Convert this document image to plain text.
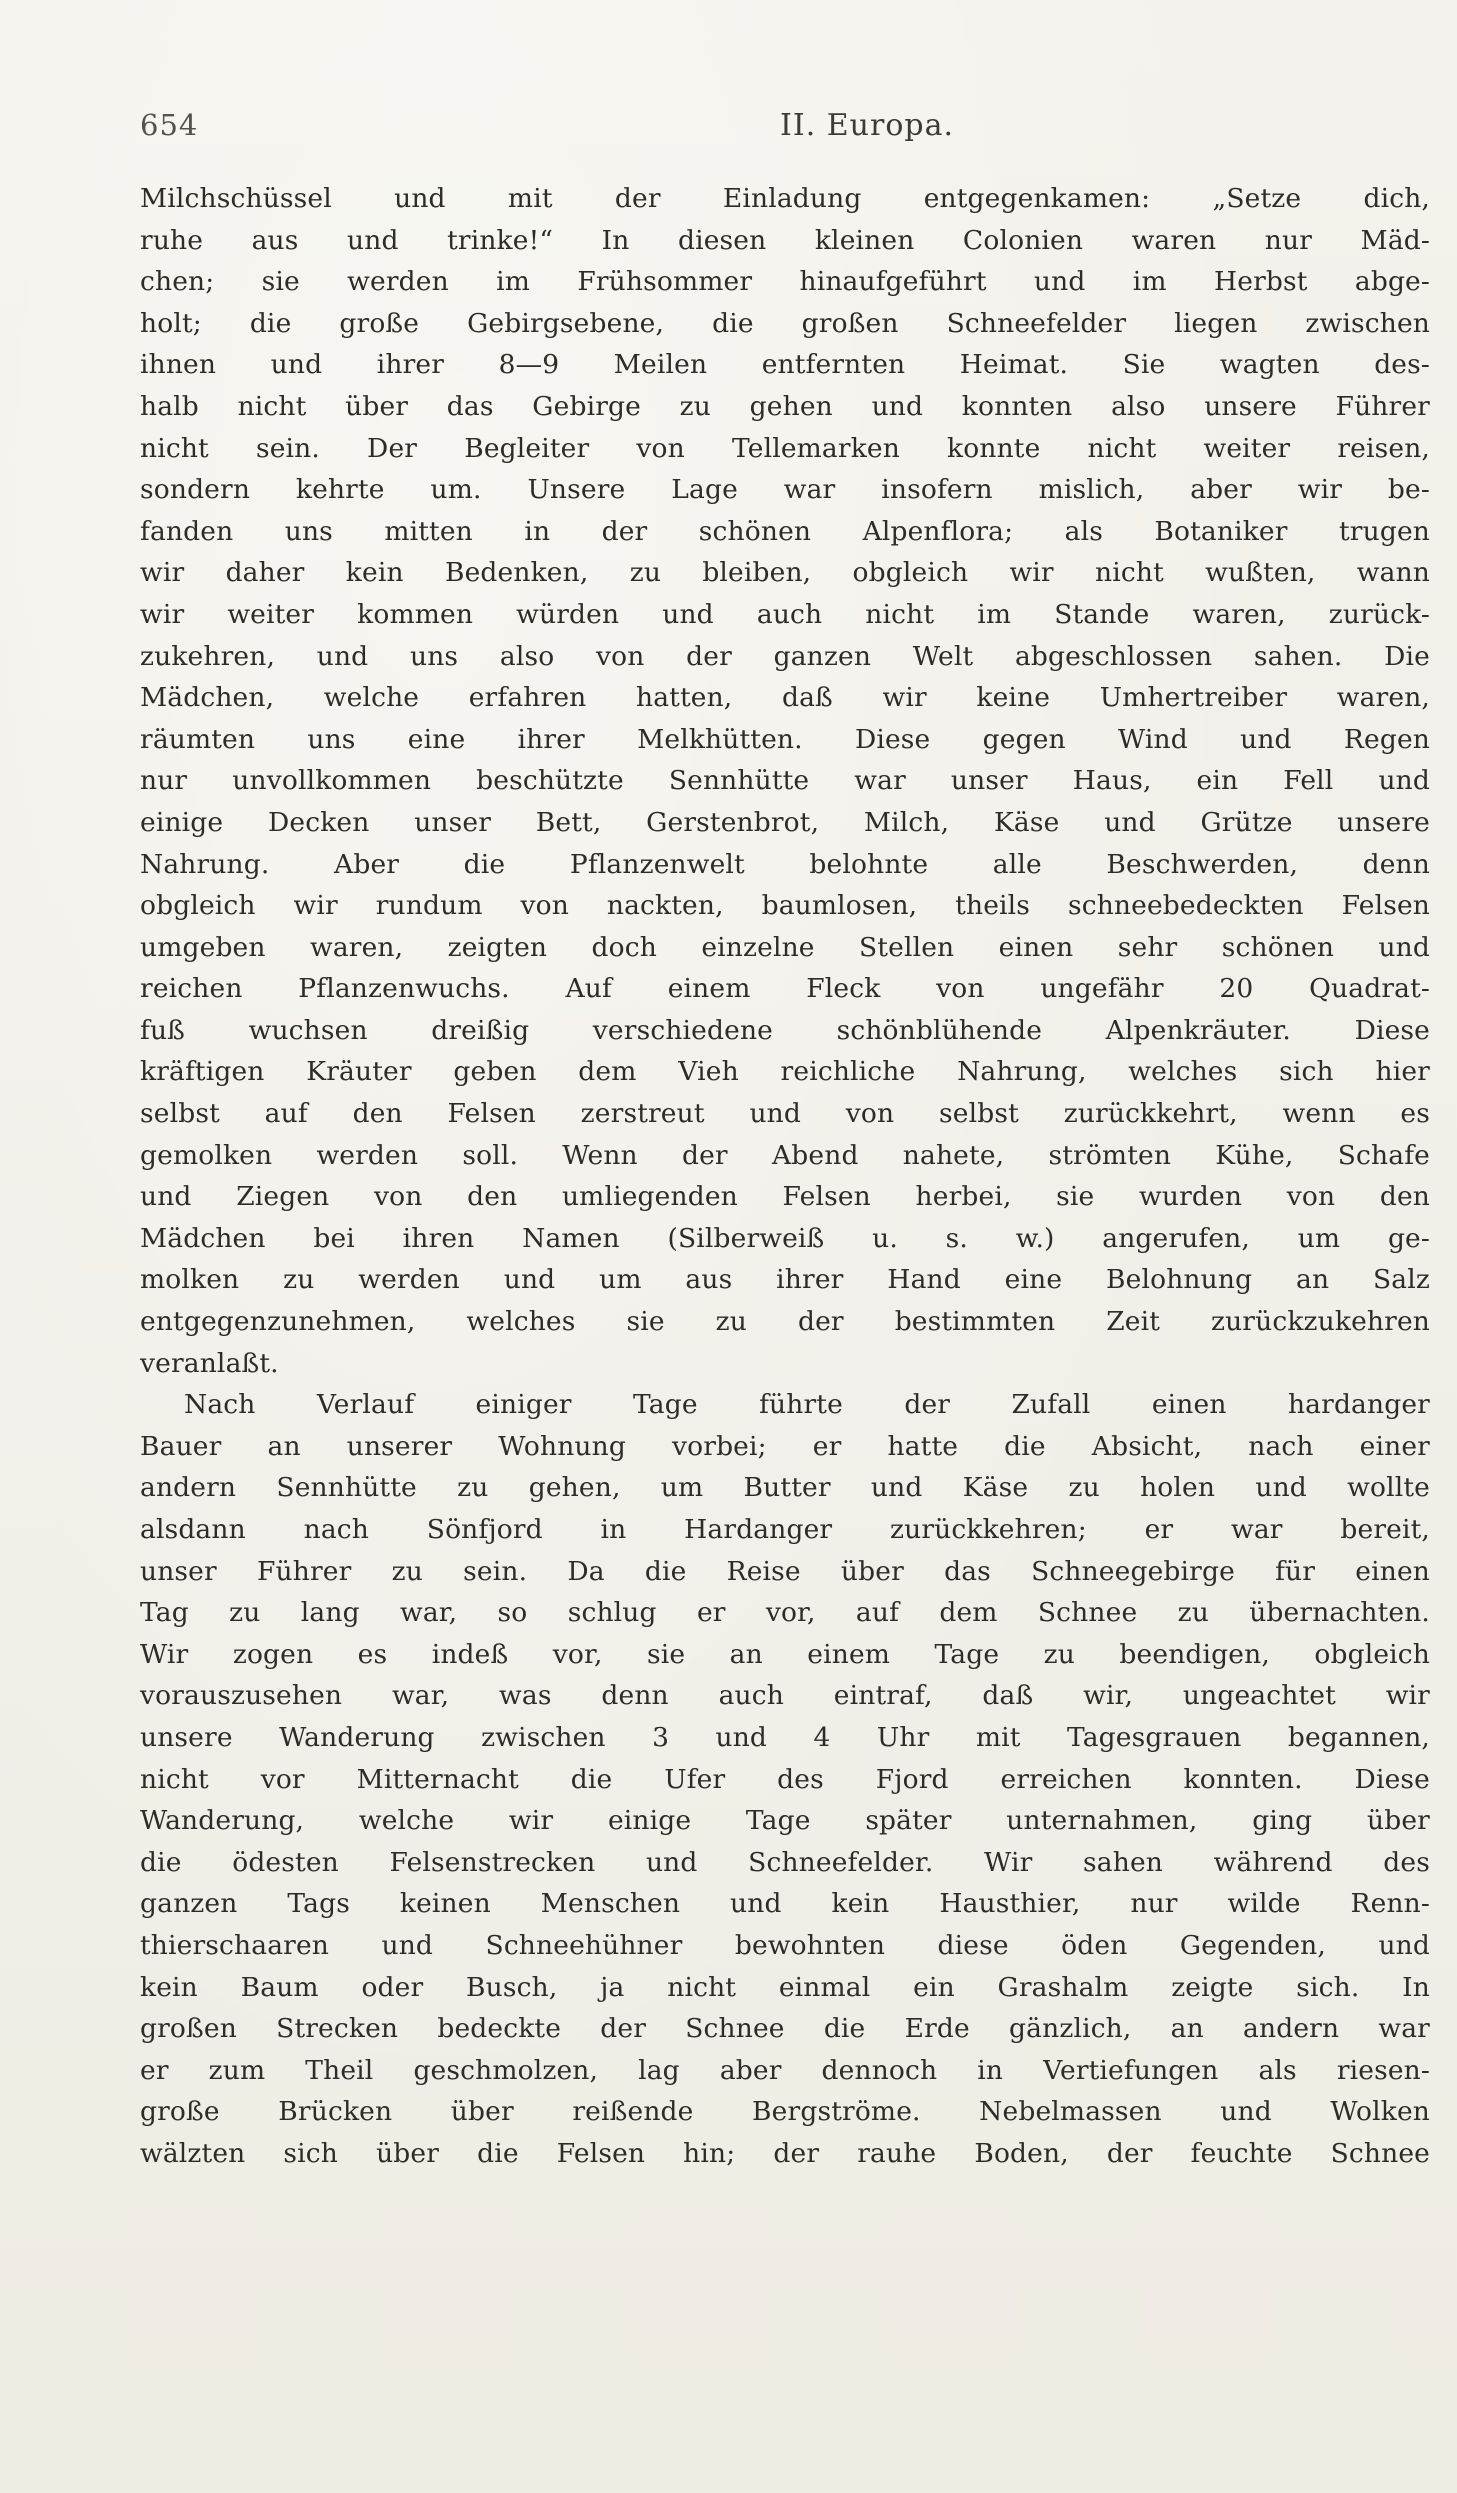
654	II. Europa.
Milchschüssel und mit der Einladung entgegenkamen: „Setze dich,
ruhe aus und trinke!“ In diesen kleinen Colonien waren nur Mäd-
chen; sie werden im Frühsommer hinaufgeführt und im Herbst abge-
holt; die große Gebirgsebene, die großen Schneefelder liegen zwischen
ihnen und ihrer 8—9 Meilen entfernten Heimat. Sie wagten des-
halb nicht über das Gebirge zu gehen und konnten also unsere Führer
nicht sein. Der Begleiter von Tellemarken konnte nicht weiter reisen,
sondern kehrte um. Unsere Lage war insofern mislich, aber wir be-
fanden uns mitten in der schönen Alpenflora; als Botaniker trugen
wir daher kein Bedenken, zu bleiben, obgleich wir nicht wußten, wann
wir weiter kommen würden und auch nicht im Stande waren, zurück-
zukehren, und uns also von der ganzen Welt abgeschlossen sahen. Die
Mädchen, welche erfahren hatten, daß wir keine Umhertreiber waren,
räumten uns eine ihrer Melkhütten. Diese gegen Wind und Regen
nur unvollkommen beschützte Sennhütte war unser Haus, ein Fell und
einige Decken unser Bett, Gerstenbrot, Milch, Käse und Grütze unsere
Nahrung. Aber die Pflanzenwelt belohnte alle Beschwerden, denn
obgleich wir rundum von nackten, baumlosen, theils schneebedeckten Felsen
umgeben waren, zeigten doch einzelne Stellen einen sehr schönen und
reichen Pflanzenwuchs. Auf einem Fleck von ungefähr 20 Quadrat-
fuß wuchsen dreißig verschiedene schönblühende Alpenkräuter. Diese
kräftigen Kräuter geben dem Vieh reichliche Nahrung, welches sich hier
selbst auf den Felsen zerstreut und von selbst zurückkehrt, wenn es
gemolken werden soll. Wenn der Abend nahete, strömten Kühe, Schafe
und Ziegen von den umliegenden Felsen herbei, sie wurden von den
Mädchen bei ihren Namen (Silberweiß u. s. w.) angerufen, um ge-
molken zu werden und um aus ihrer Hand eine Belohnung an Salz
entgegenzunehmen, welches sie zu der bestimmten Zeit zurückzukehren
veranlaßt.
Nach Verlauf einiger Tage führte der Zufall einen hardanger
Bauer an unserer Wohnung vorbei; er hatte die Absicht, nach einer
andern Sennhütte zu gehen, um Butter und Käse zu holen und wollte
alsdann nach Sönfjord in Hardanger zurückkehren; er war bereit,
unser Führer zu sein. Da die Reise über das Schneegebirge für einen
Tag zu lang war, so schlug er vor, auf dem Schnee zu übernachten.
Wir zogen es indeß vor, sie an einem Tage zu beendigen, obgleich
vorauszusehen war, was denn auch eintraf, daß wir, ungeachtet wir
unsere Wanderung zwischen 3 und 4 Uhr mit Tagesgrauen begannen,
nicht vor Mitternacht die Ufer des Fjord erreichen konnten. Diese
Wanderung, welche wir einige Tage später unternahmen, ging über
die ödesten Felsenstrecken und Schneefelder. Wir sahen während des
ganzen Tags keinen Menschen und kein Hausthier, nur wilde Renn-
thierschaaren und Schneehühner bewohnten diese öden Gegenden, und
kein Baum oder Busch, ja nicht einmal ein Grashalm zeigte sich. In
großen Strecken bedeckte der Schnee die Erde gänzlich, an andern war
er zum Theil geschmolzen, lag aber dennoch in Vertiefungen als riesen-
große Brücken über reißende Bergströme. Nebelmassen und Wolken
wälzten sich über die Felsen hin; der rauhe Boden, der feuchte Schnee
